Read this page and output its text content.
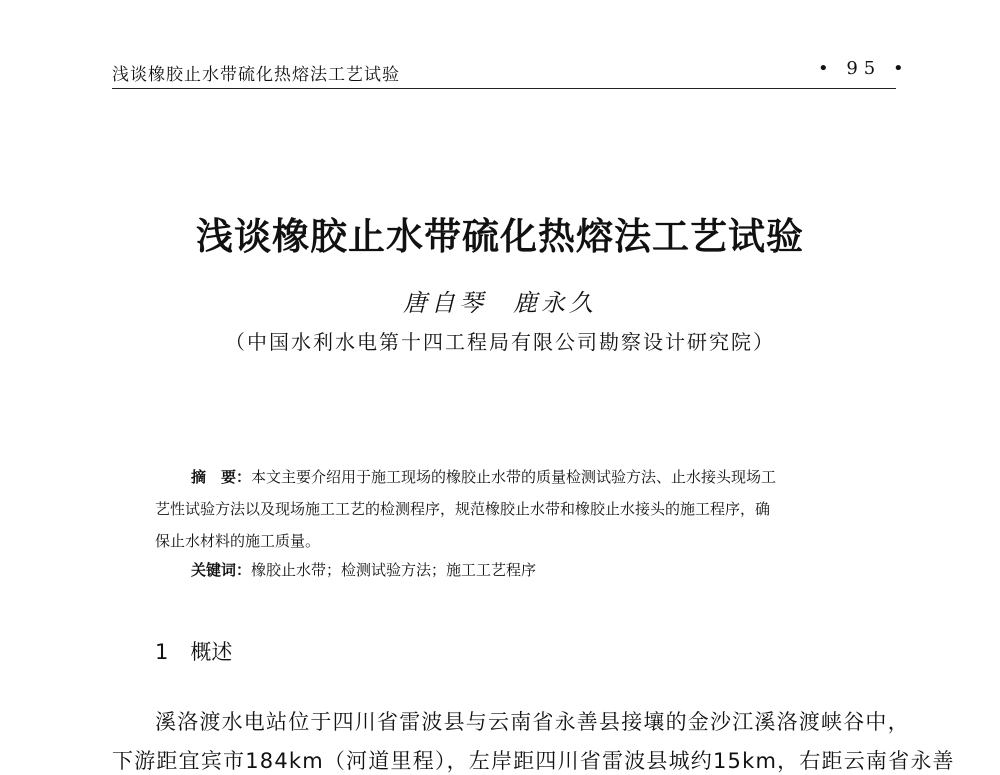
浅谈橡胶止水带硫化热熔法工艺试验	• 95 •
浅谈橡胶止水带硫化热熔法工艺试验
唐自琴 鹿永久
（中国水利水电第十四工程局有限公司勘察设计研究院）
摘　要：本文主要介绍用于施工现场的橡胶止水带的质量检测试验方法、止水接头现场工
艺性试验方法以及现场施工工艺的检测程序，规范橡胶止水带和橡胶止水接头的施工程序，确
保止水材料的施工质量。
关键词：橡胶止水带；检测试验方法；施工工艺程序
1 概述
溪洛渡水电站位于四川省雷波县与云南省永善县接壤的金沙江溪洛渡峡谷中，
下游距宜宾市184km（河道里程），左岸距四川省雷波县城约15km，右距云南省永善
